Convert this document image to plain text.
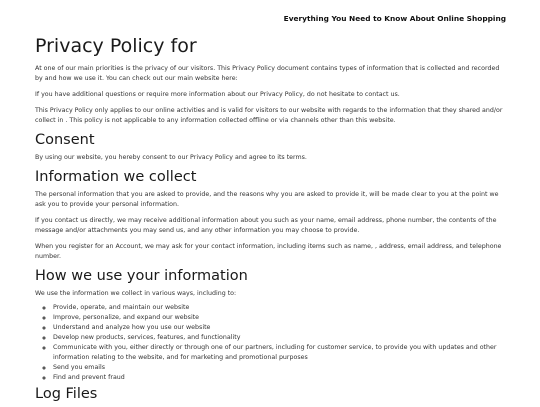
Everything You Need to Know About Online Shopping
Privacy Policy for

At one of our main priorities is the privacy of our visitors. This Privacy Policy document contains types of information that is collected and recorded by and how we use it. You can check out our main website here:

If you have additional questions or require more information about our Privacy Policy, do not hesitate to contact us.

This Privacy Policy only applies to our online activities and is valid for visitors to our website with regards to the information that they shared and/or collect in . This policy is not applicable to any information collected offline or via channels other than this website.

Consent

By using our website, you hereby consent to our Privacy Policy and agree to its terms.

Information we collect

The personal information that you are asked to provide, and the reasons why you are asked to provide it, will be made clear to you at the point we ask you to provide your personal information.

If you contact us directly, we may receive additional information about you such as your name, email address, phone number, the contents of the message and/or attachments you may send us, and any other information you may choose to provide.

When you register for an Account, we may ask for your contact information, including items such as name, , address, email address, and telephone number.

How we use your information

We use the information we collect in various ways, including to:

◦ Provide, operate, and maintain our website
◦ Improve, personalize, and expand our website
◦ Understand and analyze how you use our website
◦ Develop new products, services, features, and functionality
◦ Communicate with you, either directly or through one of our partners, including for customer service, to provide you with updates and other information relating to the website, and for marketing and promotional purposes
◦ Send you emails
◦ Find and prevent fraud
Log Files
